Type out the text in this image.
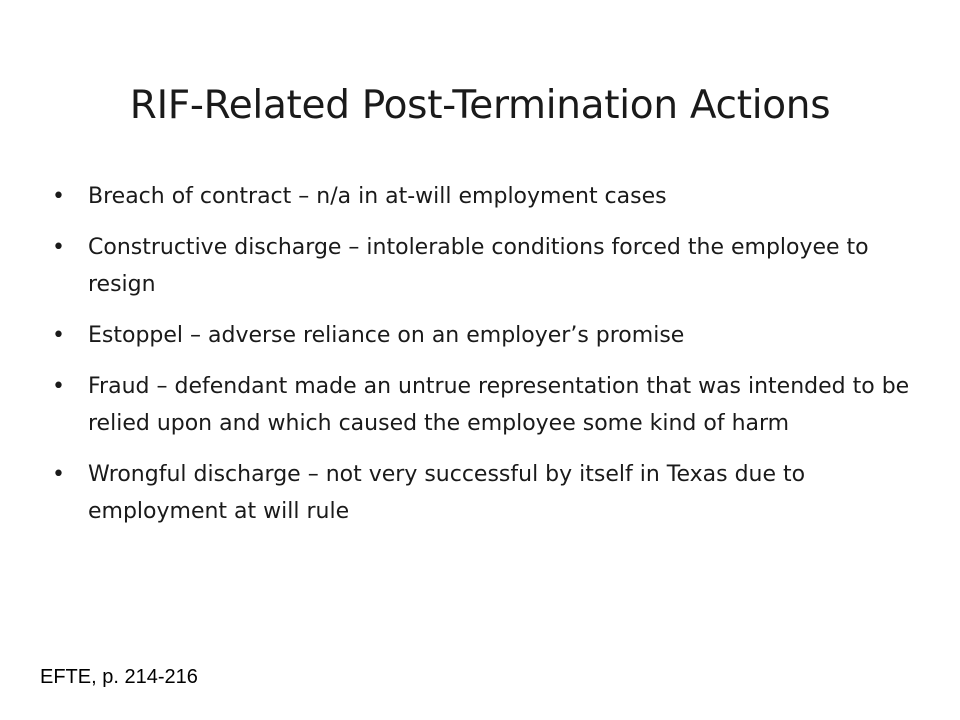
RIF-Related Post-Termination Actions
• Breach of contract – n/a in at-will employment cases
• Constructive discharge – intolerable conditions forced the employee to resign
• Estoppel – adverse reliance on an employer’s promise
• Fraud – defendant made an untrue representation that was intended to be relied upon and which caused the employee some kind of harm
• Wrongful discharge – not very successful by itself in Texas due to employment at will rule
EFTE, p. 214-216
